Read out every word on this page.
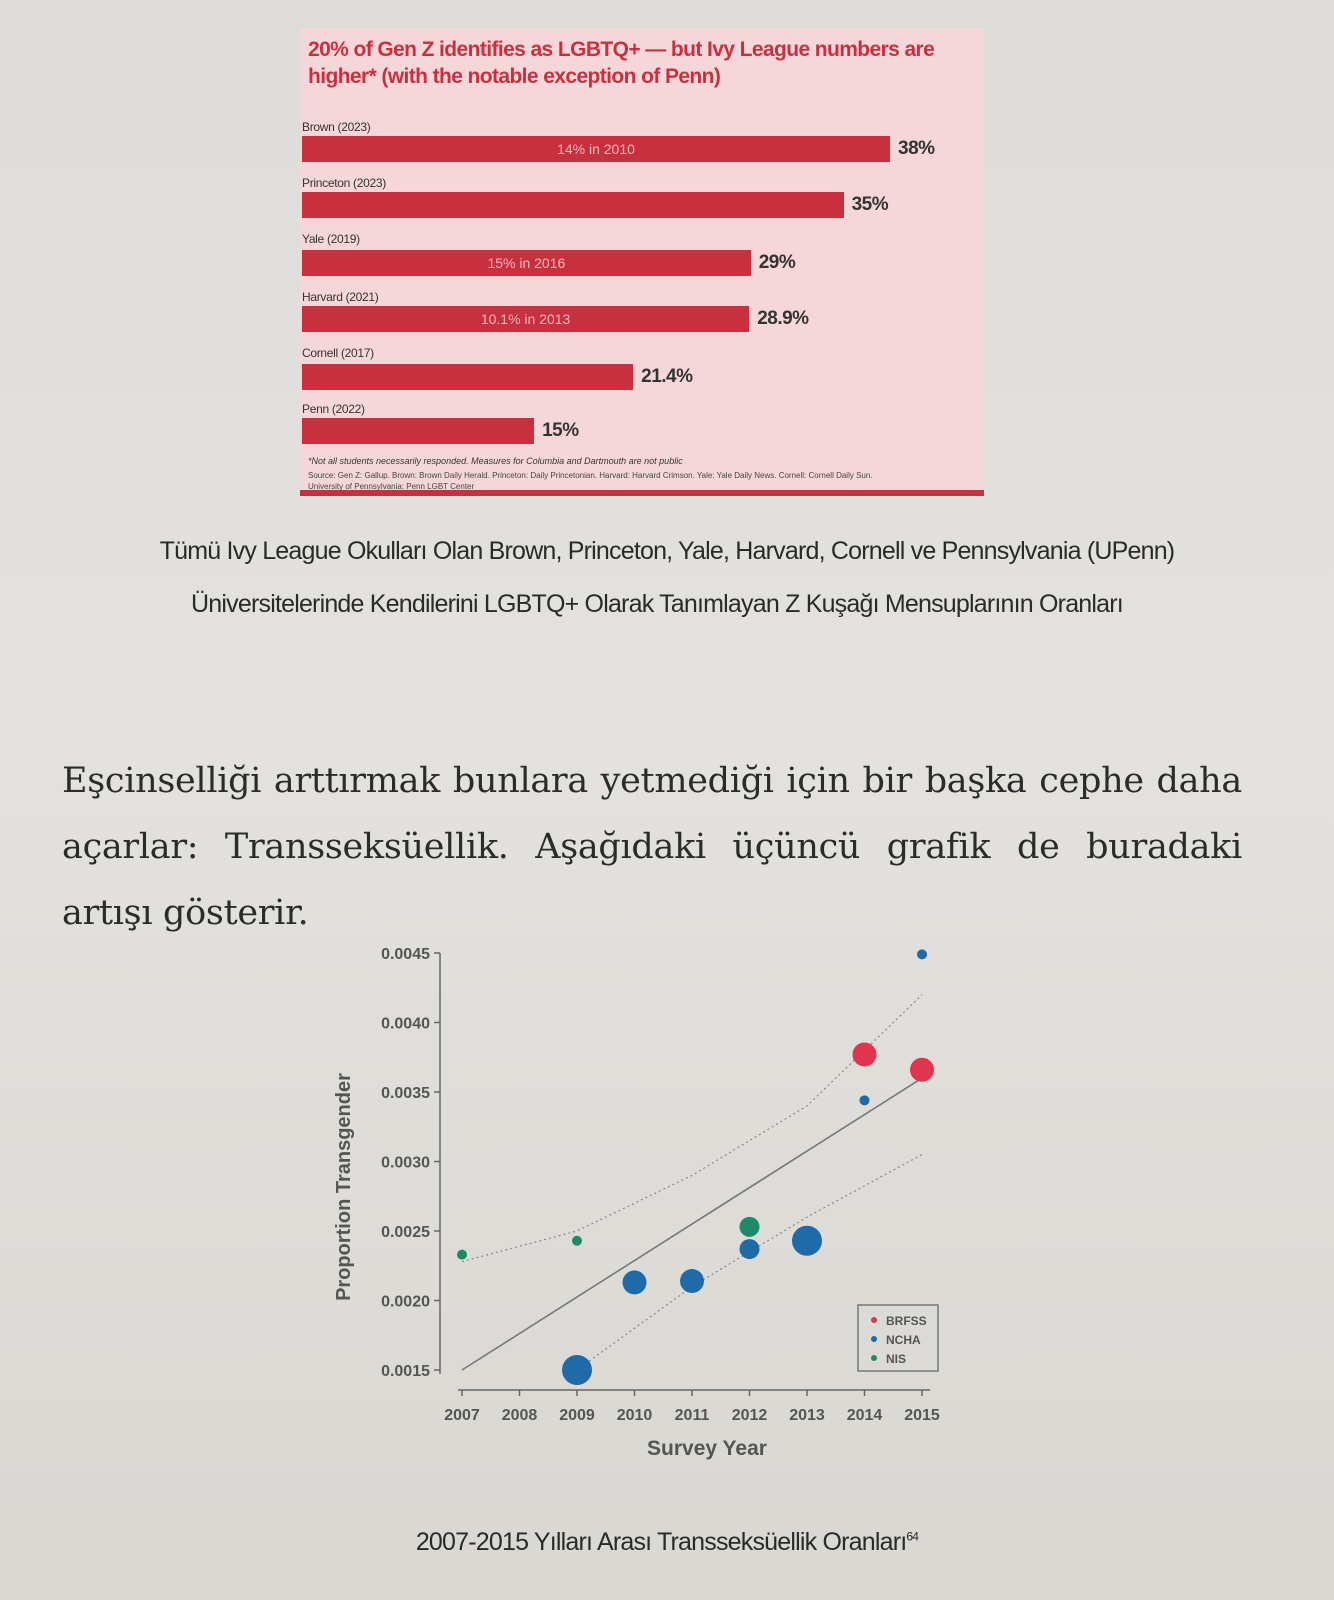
20% of Gen Z identifies as LGBTQ+ — but Ivy League numbers are higher* (with the notable exception of Penn)
Brown (2023)
14% in 2010	38%
Princeton (2023)
35%
Yale (2019)
15% in 2016	29%
Harvard (2021)
10.1% in 2013	28.9%
Cornell (2017)
21.4%
Penn (2022)
15%
*Not all students necessarily responded. Measures for Columbia and Dartmouth are not public
Source: Gen Z: Gallup. Brown: Brown Daily Herald. Princeton: Daily Princetonian. Harvard: Harvard Crimson. Yale: Yale Daily News. Cornell: Cornell Daily Sun. University of Pennsylvania: Penn LGBT Center
Tümü Ivy League Okulları Olan Brown, Princeton, Yale, Harvard, Cornell ve Pennsylvania (UPenn)
Üniversitelerinde Kendilerini LGBTQ+ Olarak Tanımlayan Z Kuşağı Mensuplarının Oranları
Eşcinselliği arttırmak bunlara yetmediği için bir başka cephe daha açarlar: Transseksüellik. Aşağıdaki üçüncü grafik de buradaki artışı gösterir.
0.0015
0.0020
0.0025
0.0030
0.0035
0.0040
0.0045
2007 2008 2009 2010 2011 2012 2013 2014 2015
Proportion Transgender
Survey Year
BRFSS
NCHA
NIS
2007-2015 Yılları Arası Transseksüellik Oranları$^{64}$
